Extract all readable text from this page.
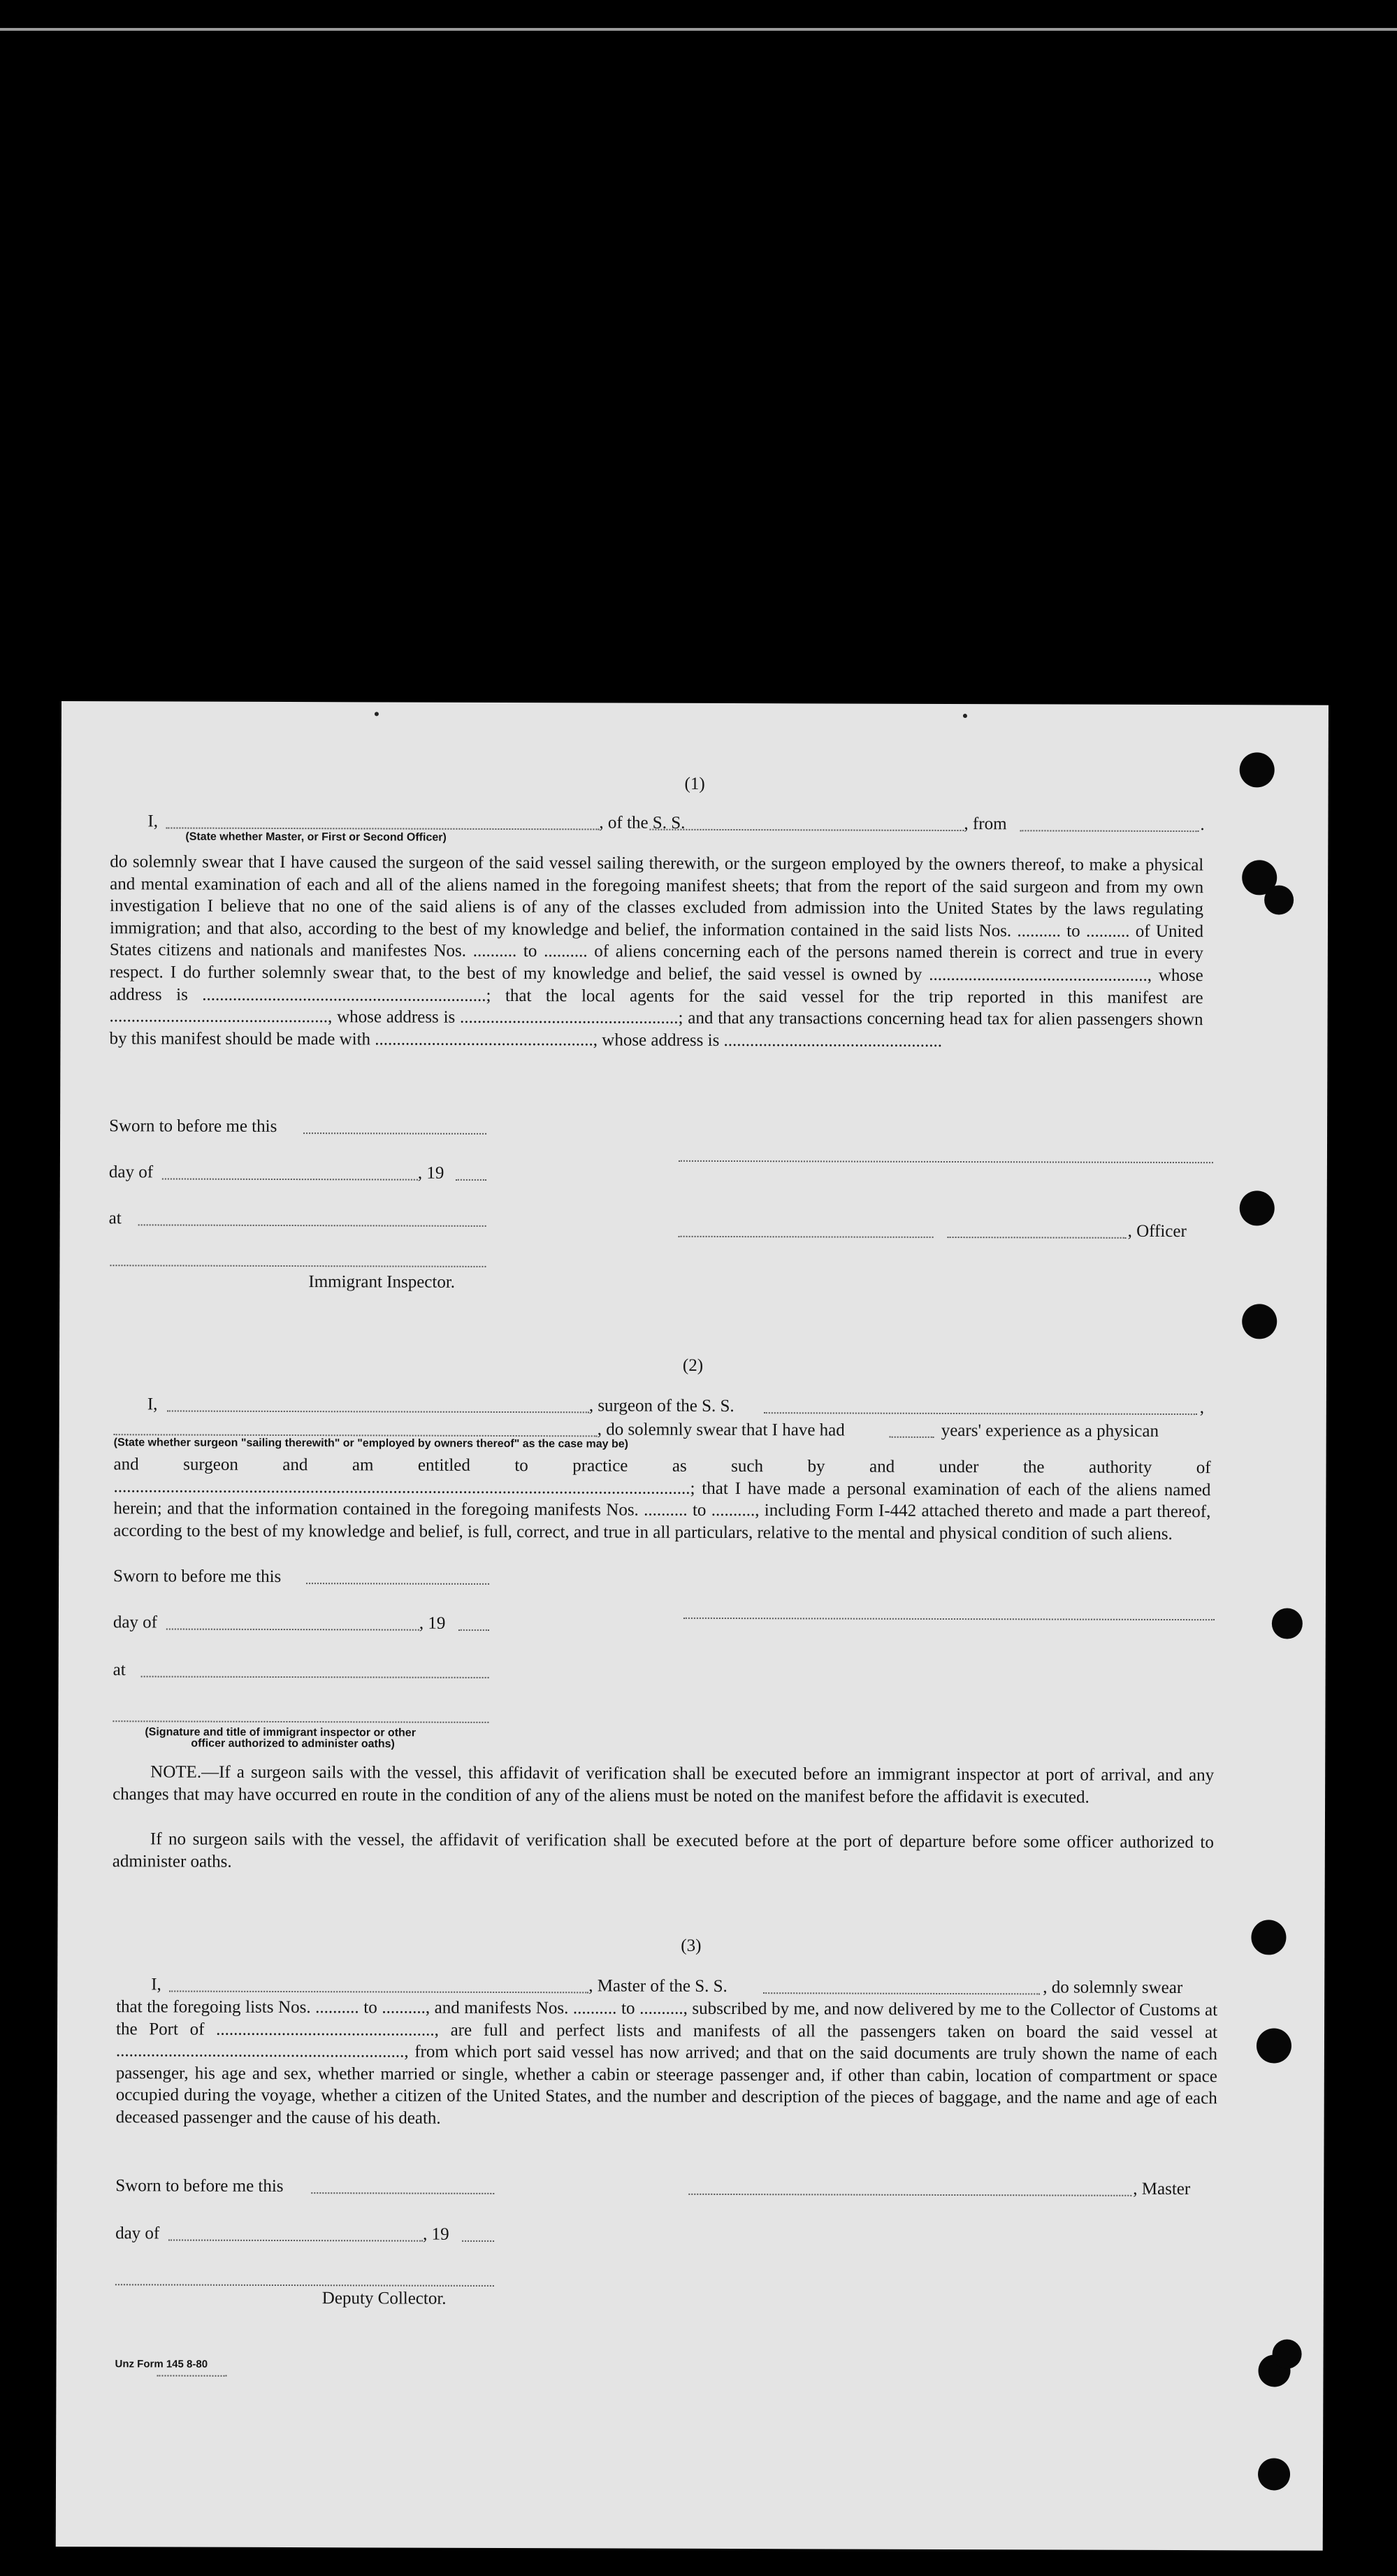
(1)
I,	, of the S. S.	, from	.
(State whether Master, or First or Second Officer)
do solemnly swear that I have caused the surgeon of the said vessel sailing therewith, or the surgeon employed by the owners thereof, to make a physical and mental examination of each and all of the aliens named in the foregoing manifest sheets; that from the report of the said surgeon and from my own investigation I believe that no one of the said aliens is of any of the classes excluded from admission into the United States by the laws regulating immigration; and that also, according to the best of my knowledge and belief, the information contained in the said lists Nos. .......... to .......... of United States citizens and nationals and manifestes Nos. .......... to .......... of aliens concerning each of the persons named therein is correct and true in every respect. I do further solemnly swear that, to the best of my knowledge and belief, the said vessel is owned by .................................................., whose address is .................................................................; that the local agents for the said vessel for the trip reported in this manifest are .................................................., whose address is ..................................................; and that any transactions concerning head tax for alien passengers shown by this manifest should be made with .................................................., whose address is ..................................................
Sworn to before me this
day of	, 19
at
, Officer
Immigrant Inspector.
(2)
I,	, surgeon of the S. S.	,
, do solemnly swear that I have had	years' experience as a physican
(State whether surgeon "sailing therewith" or "employed by owners thereof" as the case may be)
and surgeon and am entitled to practice as such by and under the authority of ....................................................................................................................................; that I have made a personal examination of each of the aliens named herein; and that the information contained in the foregoing manifests Nos. .......... to .........., including Form I-442 attached thereto and made a part thereof, according to the best of my knowledge and belief, is full, correct, and true in all particulars, relative to the mental and physical condition of such aliens.
Sworn to before me this
day of	, 19
at
(Signature and title of immigrant inspector or other
officer authorized to administer oaths)
NOTE.—If a surgeon sails with the vessel, this affidavit of verification shall be executed before an immigrant inspector at port of arrival, and any changes that may have occurred en route in the condition of any of the aliens must be noted on the manifest before the affidavit is executed.
If no surgeon sails with the vessel, the affidavit of verification shall be executed before at the port of departure before some officer authorized to administer oaths.
(3)
I,	, Master of the S. S.	, do solemnly swear
that the foregoing lists Nos. .......... to .........., and manifests Nos. .......... to .........., subscribed by me, and now delivered by me to the Collector of Customs at the Port of .................................................., are full and perfect lists and manifests of all the passengers taken on board the said vessel at .................................................................., from which port said vessel has now arrived; and that on the said documents are truly shown the name of each passenger, his age and sex, whether married or single, whether a cabin or steerage passenger and, if other than cabin, location of compartment or space occupied during the voyage, whether a citizen of the United States, and the number and description of the pieces of baggage, and the name and age of each deceased passenger and the cause of his death.
Sworn to before me this	, Master
day of	, 19
Deputy Collector.
Unz Form 145 8-80
